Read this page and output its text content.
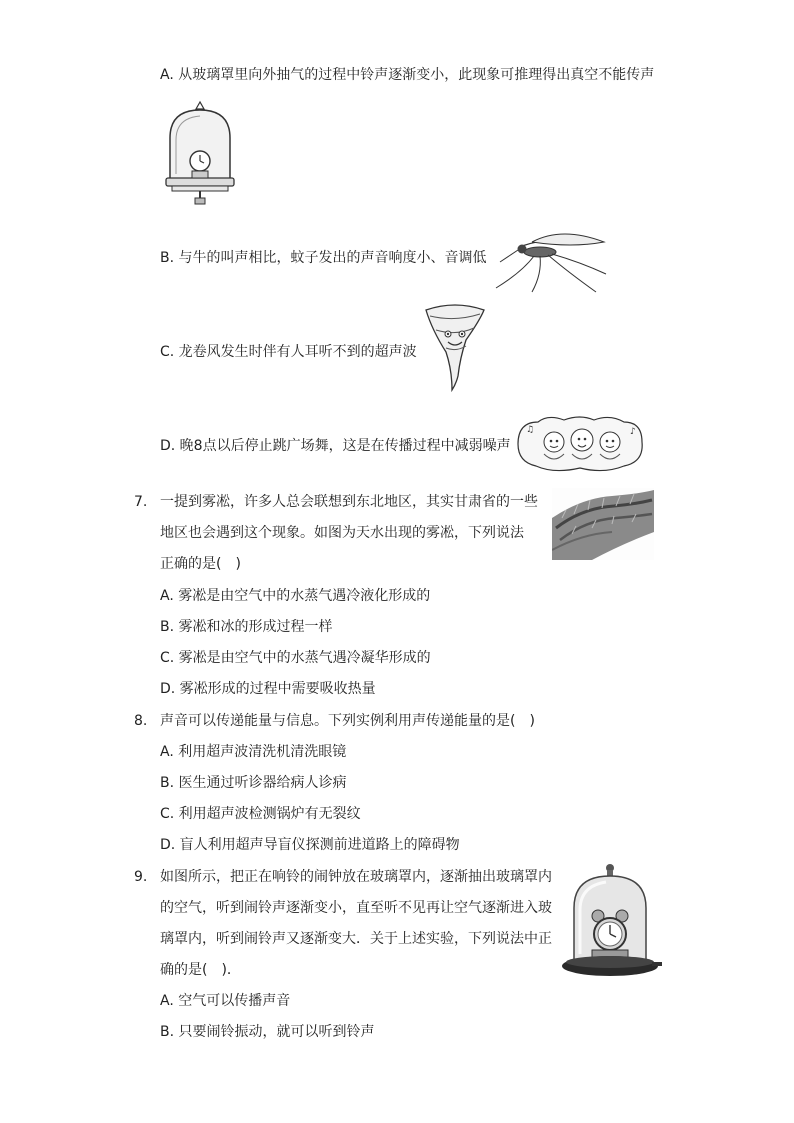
A. 从玻璃罩里向外抽气的过程中铃声逐渐变小，此现象可推理得出真空不能传声
B. 与牛的叫声相比，蚊子发出的声音响度小、音调低
C. 龙卷风发生时伴有人耳听不到的超声波
D. 晚8点以后停止跳广场舞，这是在传播过程中减弱噪声
♪
♫
7. 一提到雾凇，许多人总会联想到东北地区，其实甘肃省的一些
地区也会遇到这个现象。如图为天水出现的雾凇，下列说法
正确的是(　)
A. 雾凇是由空气中的水蒸气遇冷液化形成的
B. 雾凇和冰的形成过程一样
C. 雾凇是由空气中的水蒸气遇冷凝华形成的
D. 雾凇形成的过程中需要吸收热量
8. 声音可以传递能量与信息。下列实例利用声传递能量的是(　)
A. 利用超声波清洗机清洗眼镜
B. 医生通过听诊器给病人诊病
C. 利用超声波检测锅炉有无裂纹
D. 盲人利用超声导盲仪探测前进道路上的障碍物
9. 如图所示，把正在响铃的闹钟放在玻璃罩内，逐渐抽出玻璃罩内
的空气，听到闹铃声逐渐变小，直至听不见再让空气逐渐进入玻
璃罩内，听到闹铃声又逐渐变大．关于上述实验，下列说法中正
确的是(　)．
A. 空气可以传播声音
B. 只要闹铃振动，就可以听到铃声
